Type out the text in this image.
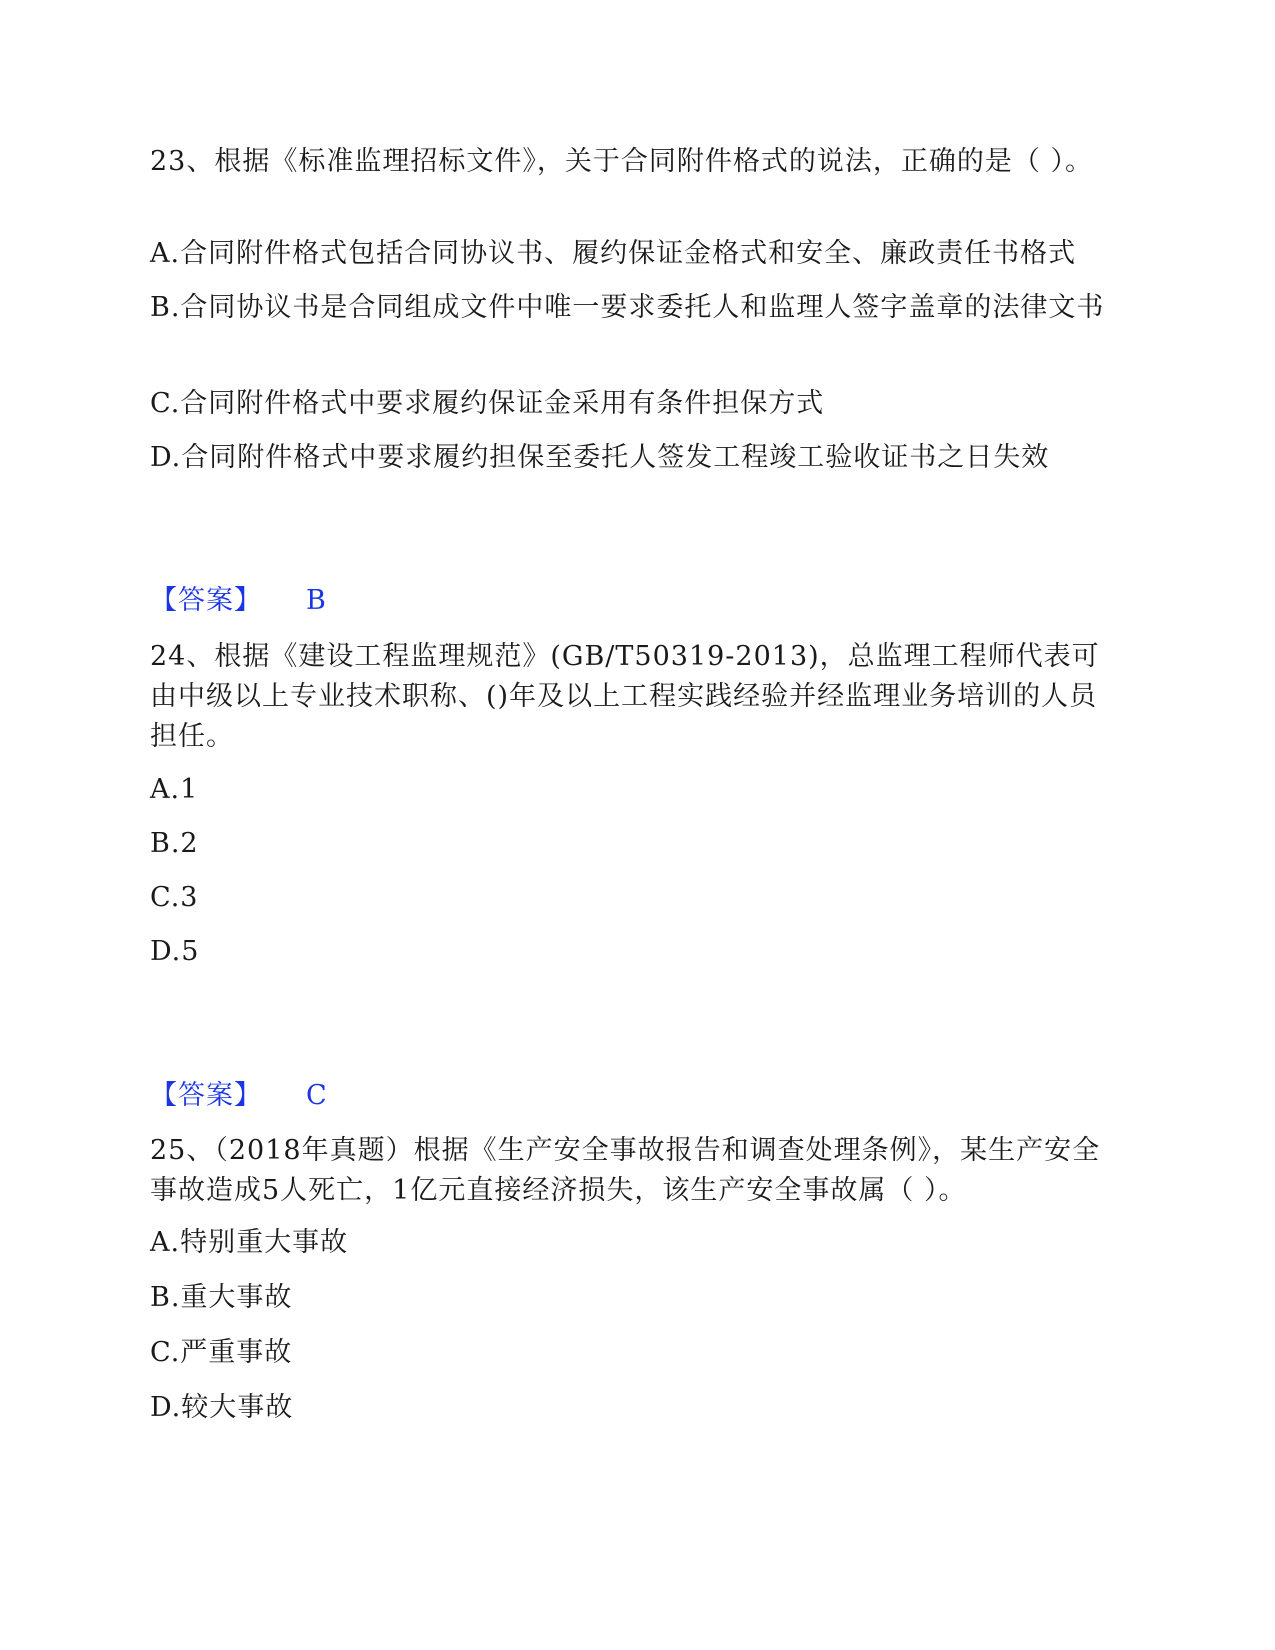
23、根据《标准监理招标文件》，关于合同附件格式的说法，正确的是（ ）。
A.合同附件格式包括合同协议书、履约保证金格式和安全、廉政责任书格式
B.合同协议书是合同组成文件中唯一要求委托人和监理人签字盖章的法律文书
C.合同附件格式中要求履约保证金采用有条件担保方式
D.合同附件格式中要求履约担保至委托人签发工程竣工验收证书之日失效
【答案】 B
24、根据《建设工程监理规范》(GB/T50319-2013)，总监理工程师代表可由中级以上专业技术职称、()年及以上工程实践经验并经监理业务培训的人员担任。
A.1
B.2
C.3
D.5
【答案】 C
25、（2018年真题）根据《生产安全事故报告和调查处理条例》，某生产安全事故造成5人死亡，1亿元直接经济损失，该生产安全事故属（ ）。
A.特别重大事故
B.重大事故
C.严重事故
D.较大事故
